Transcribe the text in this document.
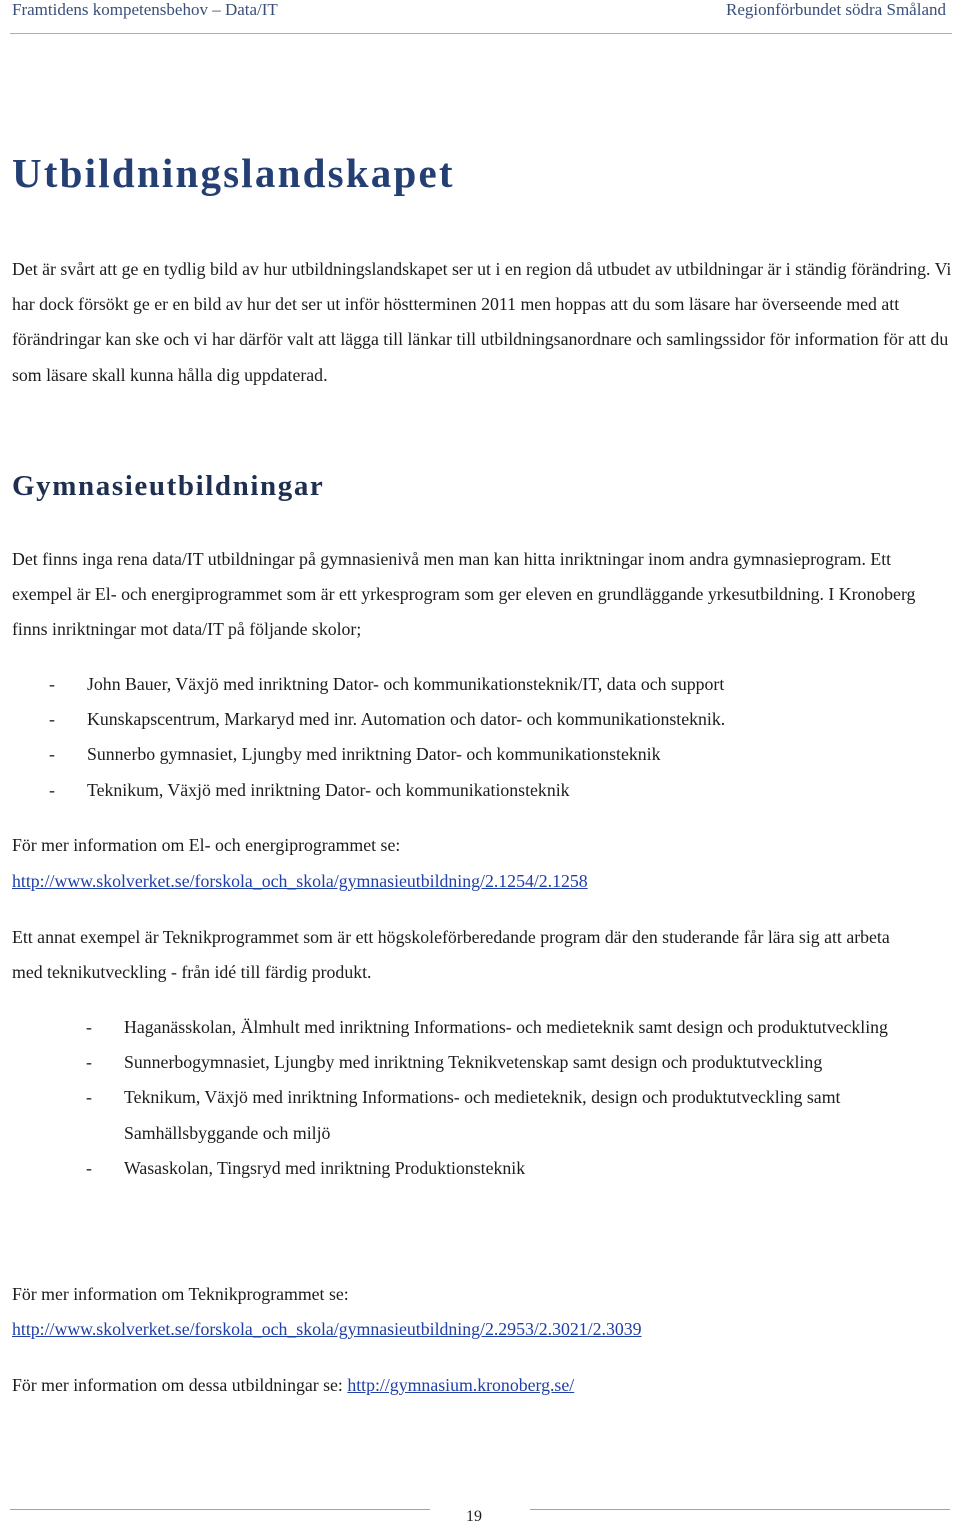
Framtidens kompetensbehov – Data/IT	Regionförbundet södra Småland
Utbildningslandskapet

Det är svårt att ge en tydlig bild av hur utbildningslandskapet ser ut i en region då utbudet av utbildningar är i ständig förändring. Vi har dock försökt ge er en bild av hur det ser ut inför höstterminen 2011 men hoppas att du som läsare har överseende med att förändringar kan ske och vi har därför valt att lägga till länkar till utbildningsanordnare och samlingssidor för information för att du som läsare skall kunna hålla dig uppdaterad.

Gymnasieutbildningar

Det finns inga rena data/IT utbildningar på gymnasienivå men man kan hitta inriktningar inom andra gymnasieprogram. Ett exempel är El- och energiprogrammet som är ett yrkesprogram som ger eleven en grundläggande yrkesutbildning. I Kronoberg finns inriktningar mot data/IT på följande skolor;

- John Bauer, Växjö med inriktning Dator- och kommunikationsteknik/IT, data och support
- Kunskapscentrum, Markaryd med inr. Automation och dator- och kommunikationsteknik.
- Sunnerbo gymnasiet, Ljungby med inriktning Dator- och kommunikationsteknik
- Teknikum, Växjö med inriktning Dator- och kommunikationsteknik

För mer information om El- och energiprogrammet se:

http://www.skolverket.se/forskola_och_skola/gymnasieutbildning/2.1254/2.1258

Ett annat exempel är Teknikprogrammet som är ett högskoleförberedande program där den studerande får lära sig att arbeta med teknikutveckling - från idé till färdig produkt.

- Haganässkolan, Älmhult med inriktning Informations- och medieteknik samt design och produktutveckling
- Sunnerbogymnasiet, Ljungby med inriktning Teknikvetenskap samt design och produktutveckling
- Teknikum, Växjö med inriktning Informations- och medieteknik, design och produktutveckling samt Samhällsbyggande och miljö
- Wasaskolan, Tingsryd med inriktning Produktionsteknik

För mer information om Teknikprogrammet se:

http://www.skolverket.se/forskola_och_skola/gymnasieutbildning/2.2953/2.3021/2.3039

För mer information om dessa utbildningar se: http://gymnasium.kronoberg.se/

19
